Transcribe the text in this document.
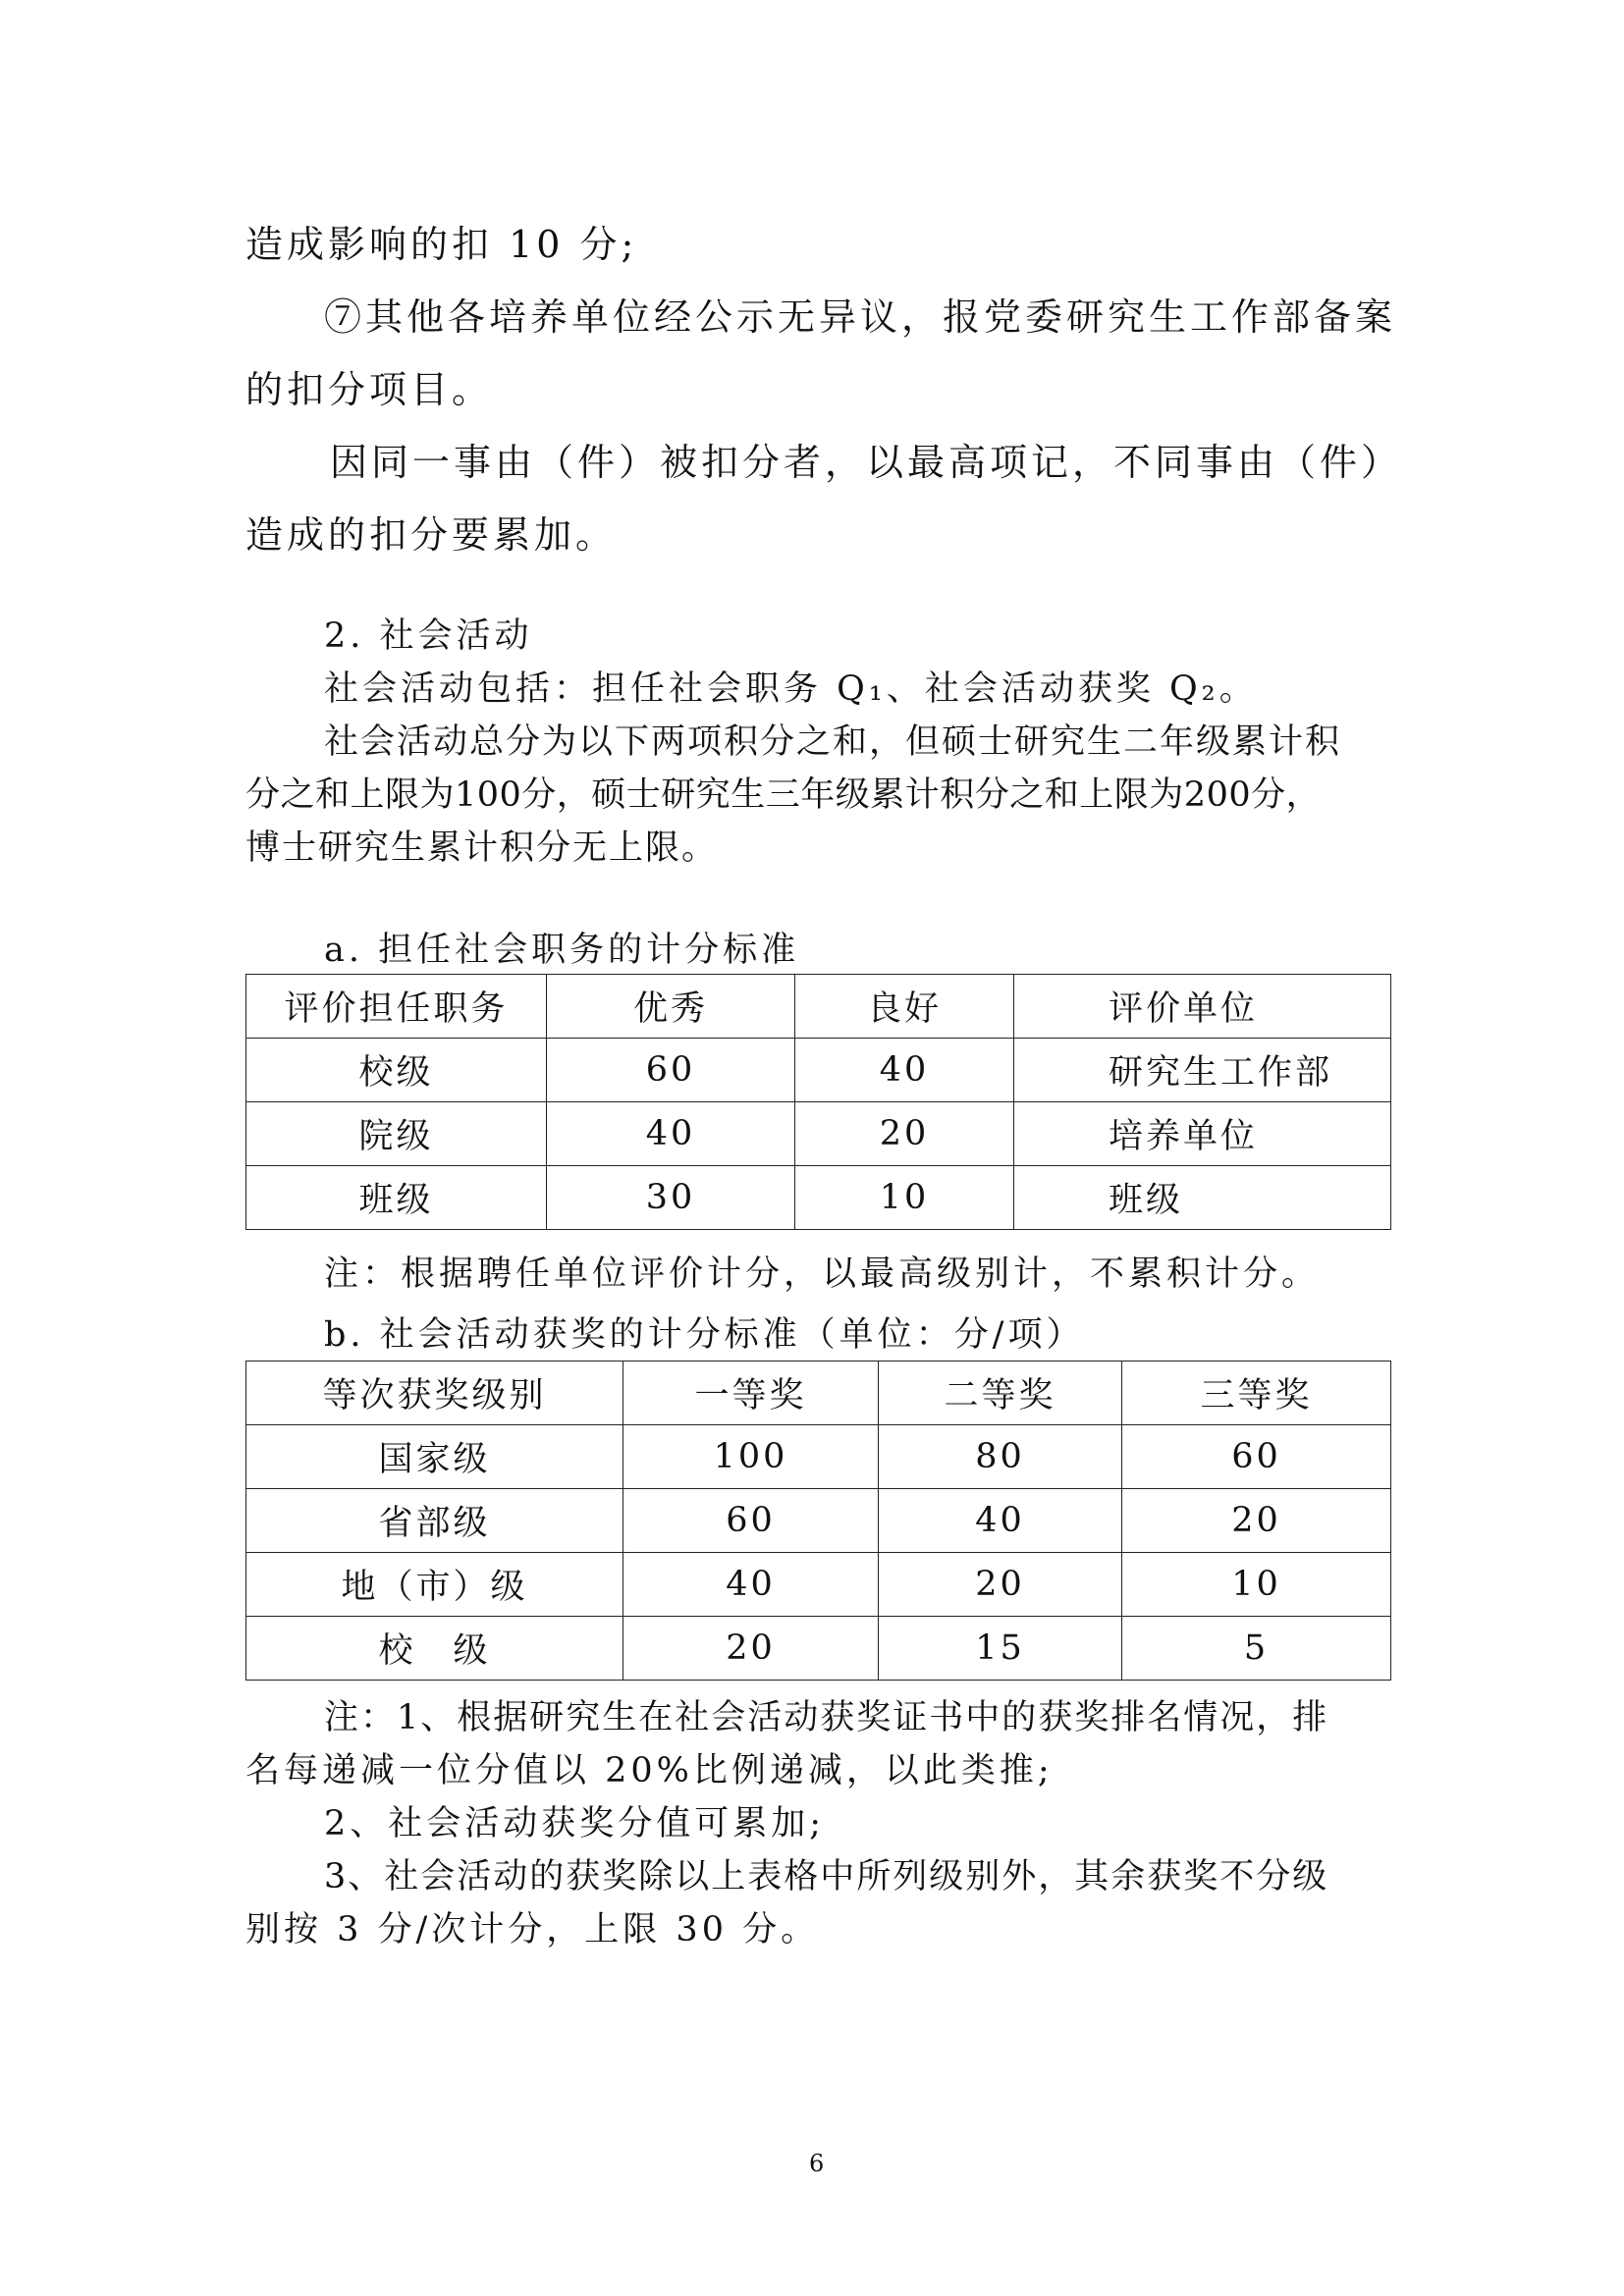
造成影响的扣 10 分;
⑦其他各培养单位经公示无异议，报党委研究生工作部备案
的扣分项目。
因同一事由（件）被扣分者，以最高项记，不同事由（件）
造成的扣分要累加。
2. 社会活动
社会活动包括：担任社会职务 Q₁、社会活动获奖 Q₂。
社会活动总分为以下两项积分之和，但硕士研究生二年级累计积
分之和上限为100分，硕士研究生三年级累计积分之和上限为200分，
博士研究生累计积分无上限。
a. 担任社会职务的计分标准
评价担任职务	优秀	良好	评价单位
校级	60	40	研究生工作部
院级	40	20	培养单位
班级	30	10	班级
注：根据聘任单位评价计分，以最高级别计，不累积计分。
b. 社会活动获奖的计分标准（单位：分/项）
等次获奖级别	一等奖	二等奖	三等奖
国家级	100	80	60
省部级	60	40	20
地（市）级	40	20	10
校　级	20	15	5
注：1、根据研究生在社会活动获奖证书中的获奖排名情况，排
名每递减一位分值以 20%比例递减，以此类推;
2、社会活动获奖分值可累加;
3、社会活动的获奖除以上表格中所列级别外，其余获奖不分级
别按 3 分/次计分，上限 30 分。
6
